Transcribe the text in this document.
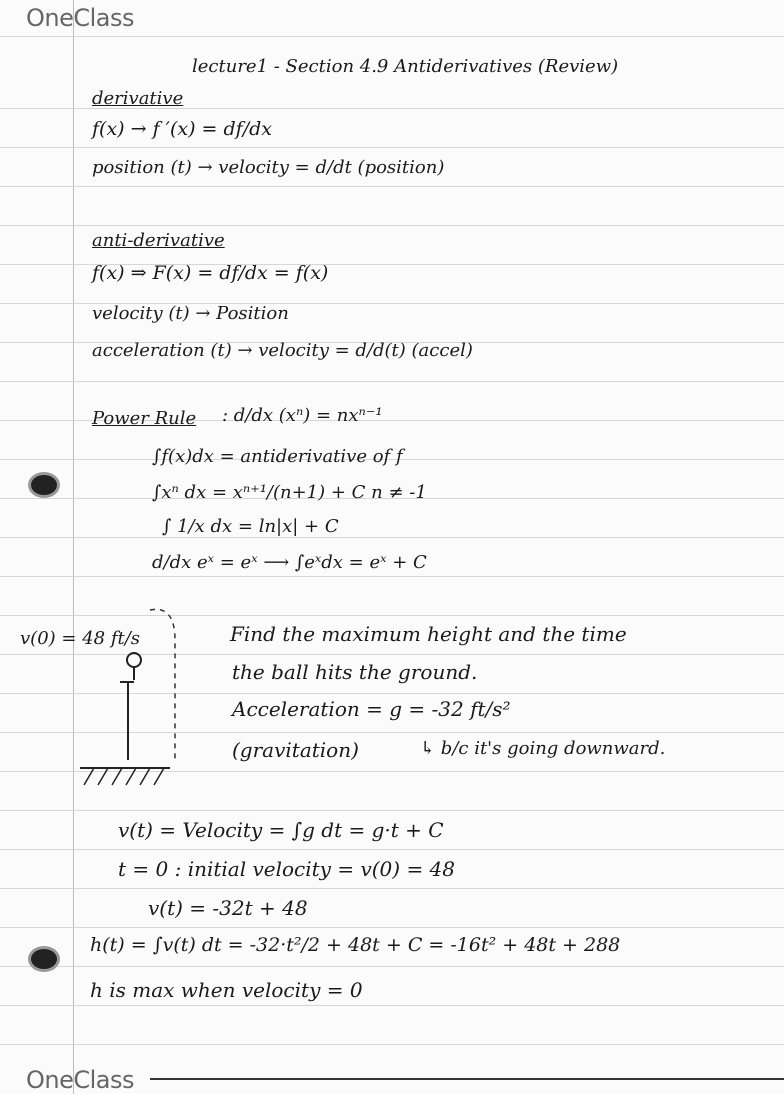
OneClass
OneClass
lecture1 - Section 4.9 Antiderivatives (Review)
derivative
f(x) → f ′(x) = df/dx
position (t) → velocity = d/dt (position)
anti-derivative
f(x) ⇒ F(x) = df/dx = f(x)
velocity (t) → Position
acceleration (t) → velocity = d/d(t) (accel)
Power Rule : d/dx (xⁿ) = nxⁿ⁻¹
∫f(x)dx = antiderivative of f
∫xⁿ dx = xⁿ⁺¹/(n+1) + C n ≠ -1
∫ 1/x dx = ln|x| + C
d/dx eˣ = eˣ ⟶ ∫eˣdx = eˣ + C
v(0) = 48 ft/s	Find the maximum height and the time
the ball hits the ground.
Acceleration = g = -32 ft/s²
(gravitation)	↳ b/c it's going downward.
v(t) = Velocity = ∫g dt = g·t + C
t = 0 : initial velocity = v(0) = 48
v(t) = -32t + 48
h(t) = ∫v(t) dt = -32·t²/2 + 48t + C = -16t² + 48t + 288
h is max when velocity = 0
